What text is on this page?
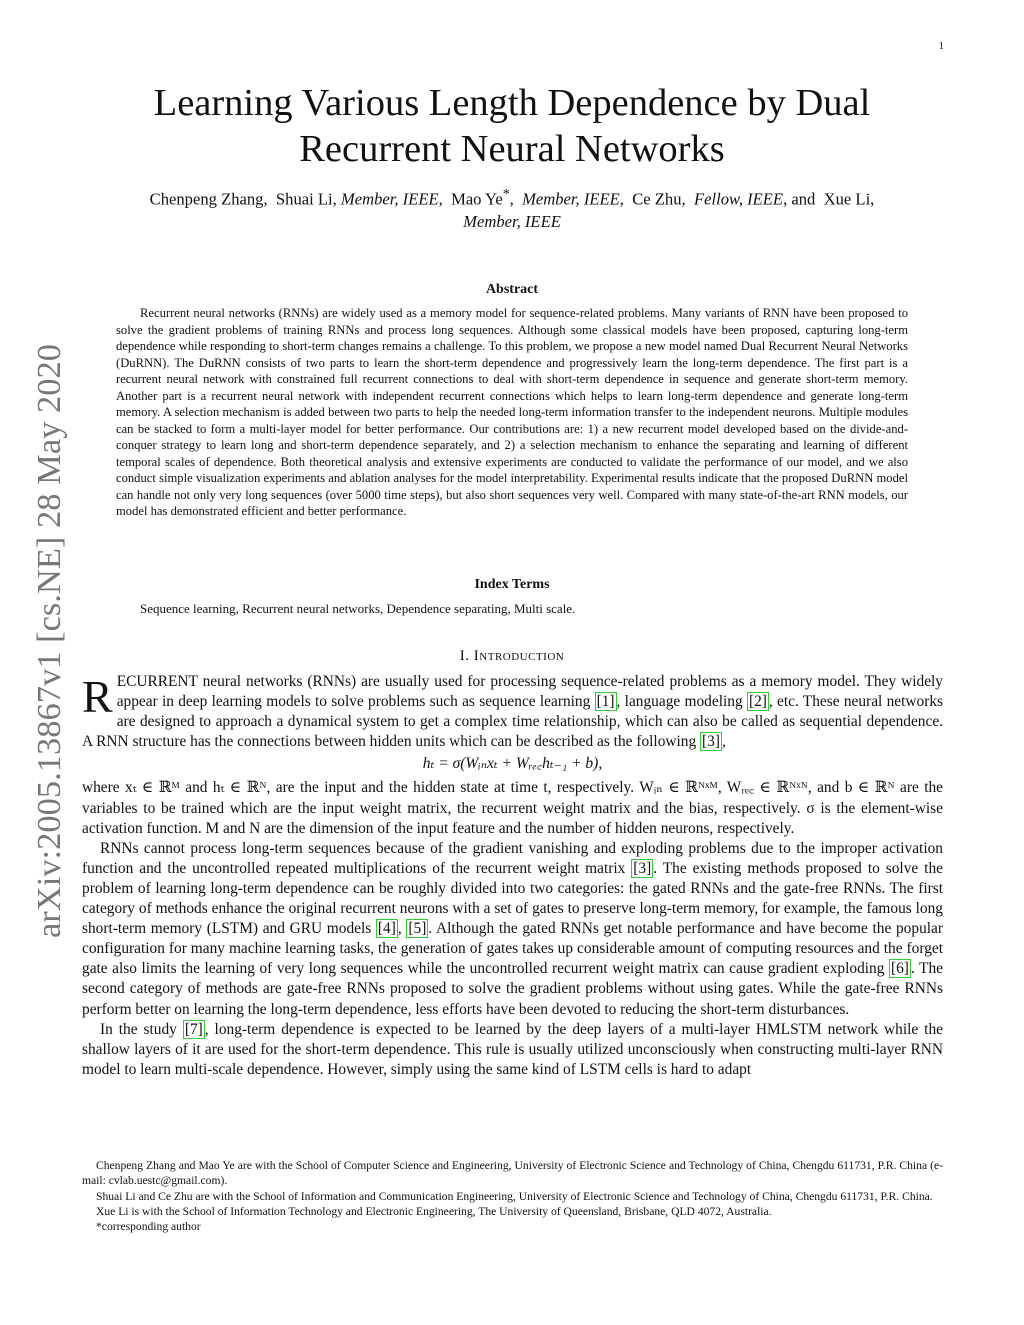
1
arXiv:2005.13867v1 [cs.NE] 28 May 2020
Learning Various Length Dependence by Dual
Recurrent Neural Networks
Chenpeng Zhang, Shuai Li, Member, IEEE,  Mao Ye*,  Member, IEEE,  Ce Zhu, Fellow, IEEE, and Xue Li,
Member, IEEE
Abstract
Recurrent neural networks (RNNs) are widely used as a memory model for sequence-related problems. Many variants of RNN have been proposed to solve the gradient problems of training RNNs and process long sequences. Although some classical models have been proposed, capturing long-term dependence while responding to short-term changes remains a challenge. To this problem, we propose a new model named Dual Recurrent Neural Networks (DuRNN). The DuRNN consists of two parts to learn the short-term dependence and progressively learn the long-term dependence. The first part is a recurrent neural network with constrained full recurrent connections to deal with short-term dependence in sequence and generate short-term memory. Another part is a recurrent neural network with independent recurrent connections which helps to learn long-term dependence and generate long-term memory. A selection mechanism is added between two parts to help the needed long-term information transfer to the independent neurons. Multiple modules can be stacked to form a multi-layer model for better performance. Our contributions are: 1) a new recurrent model developed based on the divide-and-conquer strategy to learn long and short-term dependence separately, and 2) a selection mechanism to enhance the separating and learning of different temporal scales of dependence. Both theoretical analysis and extensive experiments are conducted to validate the performance of our model, and we also conduct simple visualization experiments and ablation analyses for the model interpretability. Experimental results indicate that the proposed DuRNN model can handle not only very long sequences (over 5000 time steps), but also short sequences very well. Compared with many state-of-the-art RNN models, our model has demonstrated efficient and better performance.
Index Terms
Sequence learning, Recurrent neural networks, Dependence separating, Multi scale.
I. Introduction

RECURRENT neural networks (RNNs) are usually used for processing sequence-related problems as a memory model. They widely appear in deep learning models to solve problems such as sequence learning [1] , language modeling [2] , etc. These neural networks are designed to approach a dynamical system to get a complex time relationship, which can also be called as sequential dependence. A RNN structure has the connections between hidden units which can be described as the following [3] ,

hₜ = σ(Wᵢₙxₜ + Wᵣₑ꜀hₜ₋₁ + b),

where xₜ ∈ ℝᴹ and hₜ ∈ ℝᴺ, are the input and the hidden state at time t, respectively. Wᵢₙ ∈ ℝᴺˣᴹ, Wᵣₑ꜀ ∈ ℝᴺˣᴺ, and b ∈ ℝᴺ are the variables to be trained which are the input weight matrix, the recurrent weight matrix and the bias, respectively. σ is the element-wise activation function. M and N are the dimension of the input feature and the number of hidden neurons, respectively.

RNNs cannot process long-term sequences because of the gradient vanishing and exploding problems due to the improper activation function and the uncontrolled repeated multiplications of the recurrent weight matrix [3] . The existing methods proposed to solve the problem of learning long-term dependence can be roughly divided into two categories: the gated RNNs and the gate-free RNNs. The first category of methods enhance the original recurrent neurons with a set of gates to preserve long-term memory, for example, the famous long short-term memory (LSTM) and GRU models [4] , [5] . Although the gated RNNs get notable performance and have become the popular configuration for many machine learning tasks, the generation of gates takes up considerable amount of computing resources and the forget gate also limits the learning of very long sequences while the uncontrolled recurrent weight matrix can cause gradient exploding [6] . The second category of methods are gate-free RNNs proposed to solve the gradient problems without using gates. While the gate-free RNNs perform better on learning the long-term dependence, less efforts have been devoted to reducing the short-term disturbances.

In the study [7] , long-term dependence is expected to be learned by the deep layers of a multi-layer HMLSTM network while the shallow layers of it are used for the short-term dependence. This rule is usually utilized unconsciously when constructing multi-layer RNN model to learn multi-scale dependence. However, simply using the same kind of LSTM cells is hard to adapt

Chenpeng Zhang and Mao Ye are with the School of Computer Science and Engineering, University of Electronic Science and Technology of China, Chengdu 611731, P.R. China (e-mail: cvlab.uestc@gmail.com).

Shuai Li and Ce Zhu are with the School of Information and Communication Engineering, University of Electronic Science and Technology of China, Chengdu 611731, P.R. China.

Xue Li is with the School of Information Technology and Electronic Engineering, The University of Queensland, Brisbane, QLD 4072, Australia.

*corresponding author
